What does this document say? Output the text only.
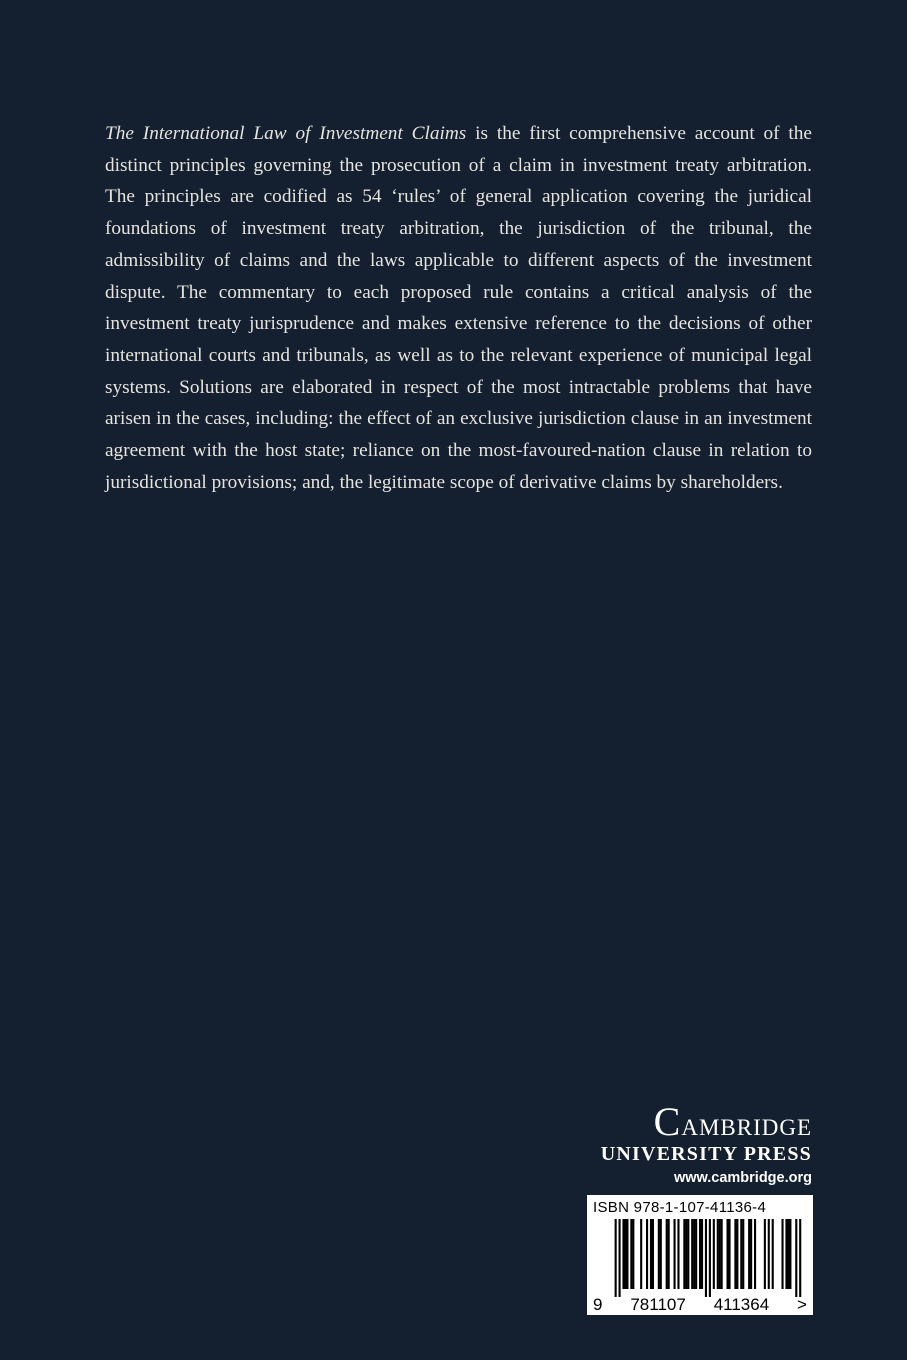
The International Law of Investment Claims is the first comprehensive account of the distinct principles governing the prosecution of a claim in investment treaty arbitration. The principles are codified as 54 ‘rules’ of general application covering the juridical foundations of investment treaty arbitration, the jurisdiction of the tribunal, the admissibility of claims and the laws applicable to different aspects of the investment dispute. The commentary to each proposed rule contains a critical analysis of the investment treaty jurisprudence and makes extensive reference to the decisions of other international courts and tribunals, as well as to the relevant experience of municipal legal systems. Solutions are elaborated in respect of the most intractable problems that have arisen in the cases, including: the effect of an exclusive jurisdiction clause in an investment agreement with the host state; reliance on the most-favoured-nation clause in relation to jurisdictional provisions; and, the legitimate scope of derivative claims by shareholders.

Cambridge

UNIVERSITY PRESS

www.cambridge.org

ISBN 978-1-107-41136-4

9 781107 411364 >
